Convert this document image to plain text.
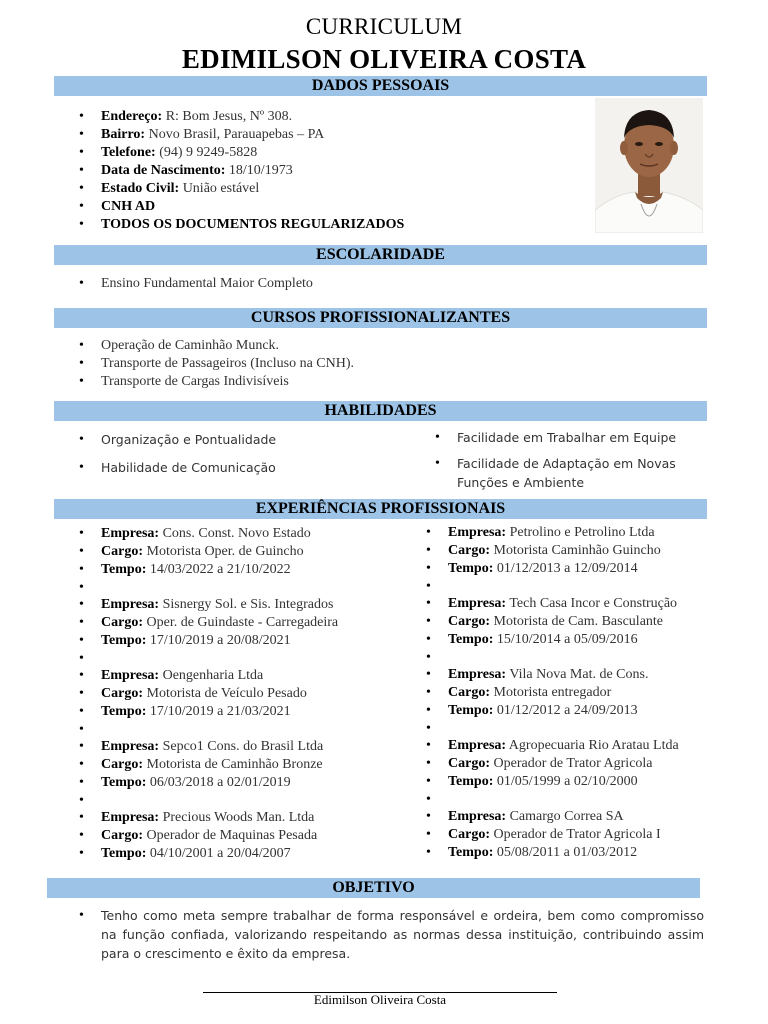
CURRICULUM
EDIMILSON OLIVEIRA COSTA
DADOS PESSOAIS
• Endereço: R: Bom Jesus, Nº 308.
• Bairro: Novo Brasil, Parauapebas – PA
• Telefone: (94) 9 9249-5828
• Data de Nascimento: 18/10/1973
• Estado Civil: União estável
• CNH AD
• TODOS OS DOCUMENTOS REGULARIZADOS
ESCOLARIDADE
• Ensino Fundamental Maior Completo
CURSOS PROFISSIONALIZANTES
• Operação de Caminhão Munck.
• Transporte de Passageiros (Incluso na CNH).
• Transporte de Cargas Indivisíveis
HABILIDADES
• Organização e Pontualidade
• Habilidade de Comunicação
• Facilidade em Trabalhar em Equipe
• Facilidade de Adaptação em Novas Funções e Ambiente
EXPERIÊNCIAS PROFISSIONAIS
• Empresa: Cons. Const. Novo Estado
• Cargo: Motorista Oper. de Guincho
• Tempo: 14/03/2022 a 21/10/2022
•
• Empresa: Sisnergy Sol. e Sis. Integrados
• Cargo: Oper. de Guindaste - Carregadeira
• Tempo: 17/10/2019 a 20/08/2021
•
• Empresa: Oengenharia Ltda
• Cargo: Motorista de Veículo Pesado
• Tempo: 17/10/2019 a 21/03/2021
•
• Empresa: Sepco1 Cons. do Brasil Ltda
• Cargo: Motorista de Caminhão Bronze
• Tempo: 06/03/2018 a 02/01/2019
•
• Empresa: Precious Woods Man. Ltda
• Cargo: Operador de Maquinas Pesada
• Tempo: 04/10/2001 a 20/04/2007
• Empresa: Petrolino e Petrolino Ltda
• Cargo: Motorista Caminhão Guincho
• Tempo: 01/12/2013 a 12/09/2014
•
• Empresa: Tech Casa Incor e Construção
• Cargo: Motorista de Cam. Basculante
• Tempo: 15/10/2014 a 05/09/2016
•
• Empresa: Vila Nova Mat. de Cons.
• Cargo: Motorista entregador
• Tempo: 01/12/2012 a 24/09/2013
•
• Empresa: Agropecuaria Rio Aratau Ltda
• Cargo: Operador de Trator Agricola
• Tempo: 01/05/1999 a 02/10/2000
•
• Empresa: Camargo Correa SA
• Cargo: Operador de Trator Agricola I
• Tempo: 05/08/2011 a 01/03/2012
OBJETIVO
• Tenho como meta sempre trabalhar de forma responsável e ordeira, bem como compromisso na função confiada, valorizando respeitando as normas dessa instituição, contribuindo assim para o crescimento e êxito da empresa.
Edimilson Oliveira Costa
